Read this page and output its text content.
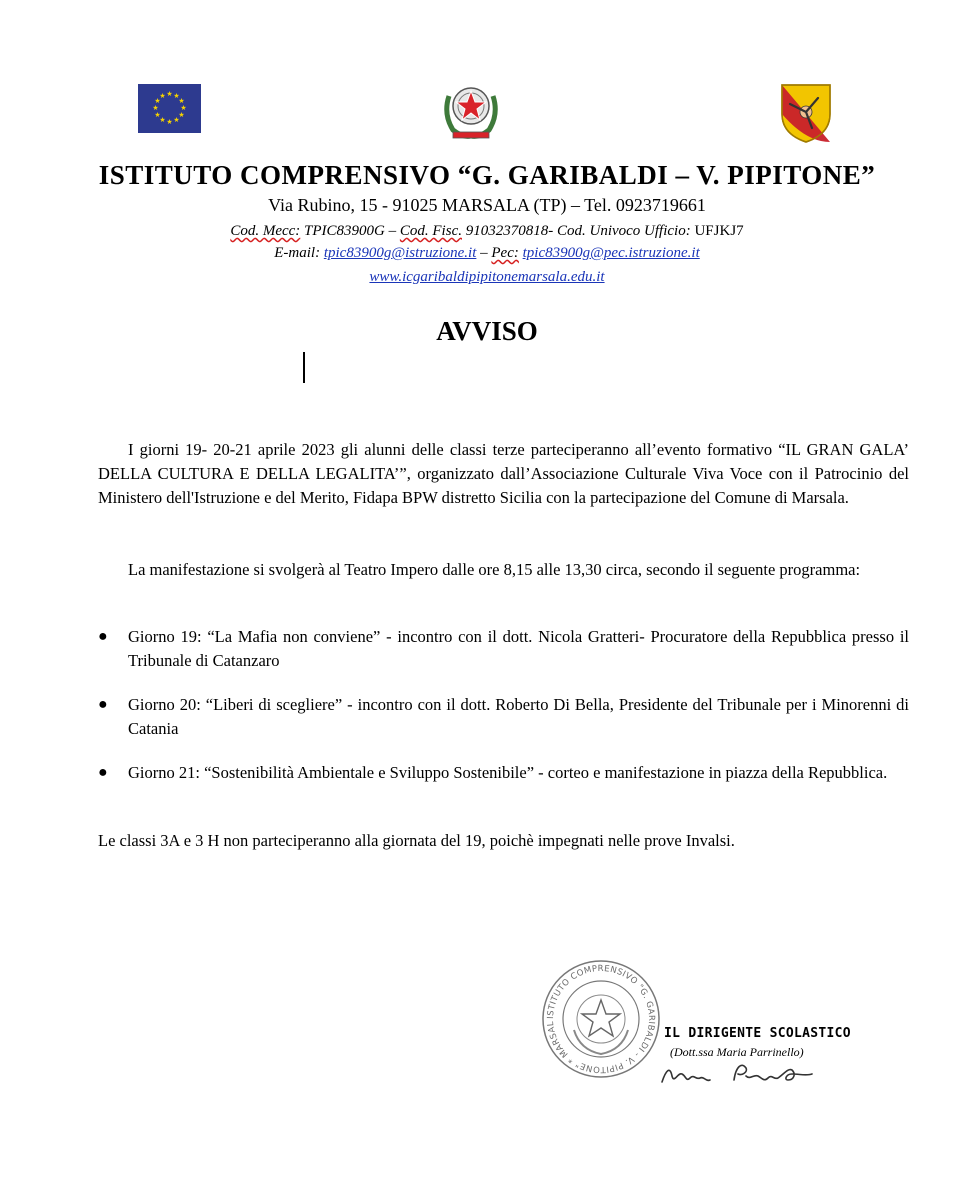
★ ★
★
★
★
★
★
★
★
★
★
★
ISTITUTO COMPRENSIVO “G. GARIBALDI – V. PIPITONE”
Via Rubino, 15 - 91025 MARSALA (TP) – Tel. 0923719661
Cod. Mecc: TPIC83900G – Cod. Fisc. 91032370818- Cod. Univoco Ufficio: UFJKJ7
E-mail: tpic83900g@istruzione.it – Pec: tpic83900g@pec.istruzione.it
www.icgaribaldipipitonemarsala.edu.it
AVVISO
I giorni 19- 20-21 aprile 2023 gli alunni delle classi terze parteciperanno all’evento formativo “IL GRAN GALA’ DELLA CULTURA E DELLA LEGALITA’”, organizzato dall’Associazione Culturale Viva Voce con il Patrocinio del Ministero dell'Istruzione e del Merito, Fidapa BPW distretto Sicilia con la partecipazione del Comune di Marsala.
La manifestazione si svolgerà al Teatro Impero dalle ore 8,15 alle 13,30 circa, secondo il seguente programma:
● Giorno 19: “La Mafia non conviene” - incontro con il dott. Nicola Gratteri- Procuratore della Repubblica presso il Tribunale di Catanzaro
● Giorno 20: “Liberi di scegliere” - incontro con il dott. Roberto Di Bella, Presidente del Tribunale per i Minorenni di Catania
● Giorno 21: “Sostenibilità Ambientale e Sviluppo Sostenibile” - corteo e manifestazione in piazza della Repubblica.
Le classi 3A e 3 H non parteciperanno alla giornata del 19, poichè impegnati nelle prove Invalsi.
ISTITUTO COMPRENSIVO "G. GARIBALDI - V. PIPITONE" * MARSAL
IL DIRIGENTE SCOLASTICO
(Dott.ssa Maria Parrinello)
